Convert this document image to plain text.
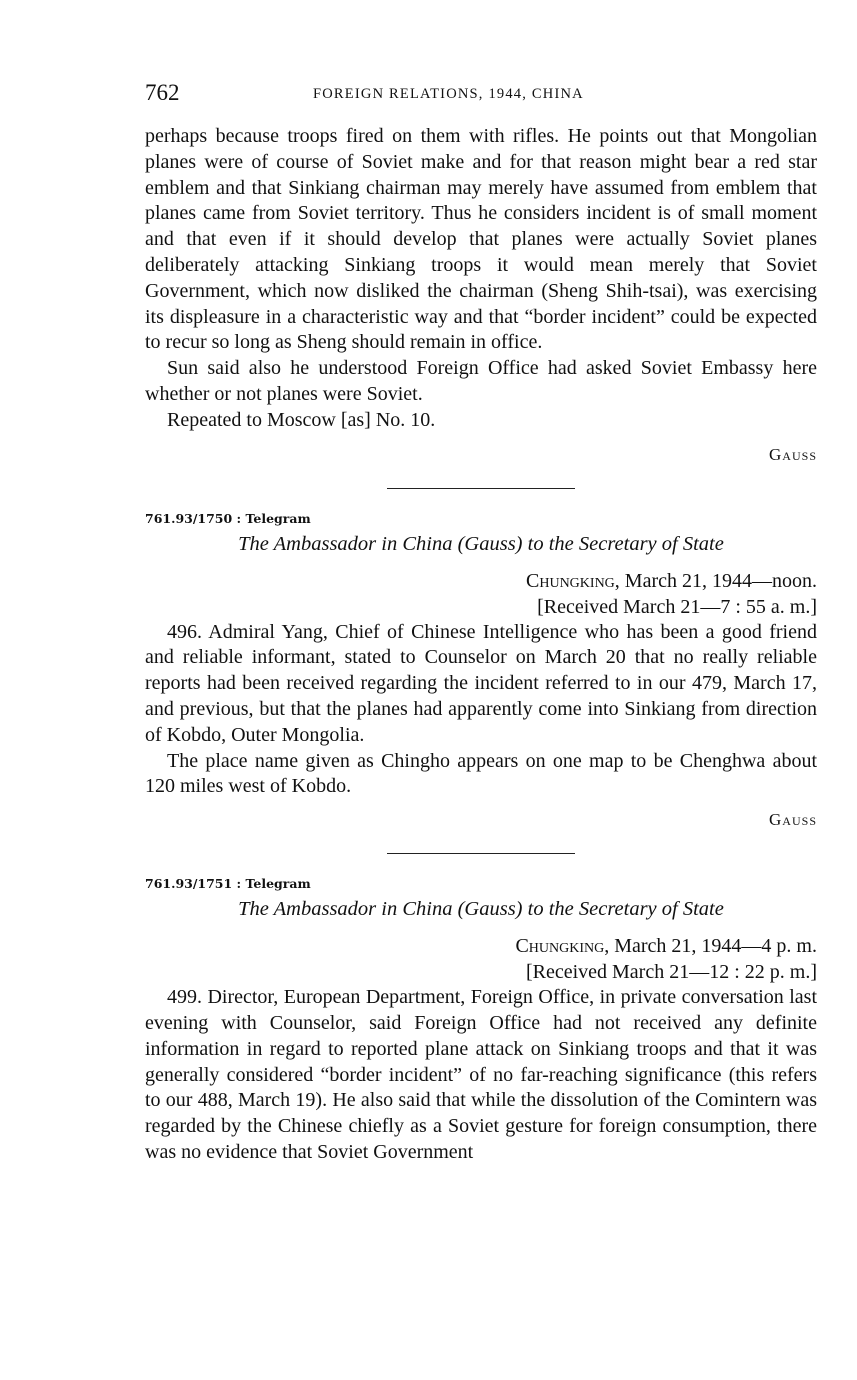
762	FOREIGN RELATIONS, 1944, CHINA

perhaps because troops fired on them with rifles. He points out that Mongolian planes were of course of Soviet make and for that reason might bear a red star emblem and that Sinkiang chairman may merely have assumed from emblem that planes came from Soviet territory. Thus he considers incident is of small moment and that even if it should develop that planes were actually Soviet planes deliberately attacking Sinkiang troops it would mean merely that Soviet Government, which now disliked the chairman (Sheng Shih-tsai), was exercising its displeasure in a characteristic way and that “border incident” could be expected to recur so long as Sheng should remain in office.

Sun said also he understood Foreign Office had asked Soviet Embassy here whether or not planes were Soviet.

Repeated to Moscow [as] No. 10.

Gauss
761.93/1750 : Telegram
The Ambassador in China (Gauss) to the Secretary of State
Chungking, March 21, 1944—noon.
[Received March 21—7 : 55 a. m.]

496. Admiral Yang, Chief of Chinese Intelligence who has been a good friend and reliable informant, stated to Counselor on March 20 that no really reliable reports had been received regarding the incident referred to in our 479, March 17, and previous, but that the planes had apparently come into Sinkiang from direction of Kobdo, Outer Mongolia.

The place name given as Chingho appears on one map to be Chenghwa about 120 miles west of Kobdo.

Gauss
761.93/1751 : Telegram
The Ambassador in China (Gauss) to the Secretary of State
Chungking, March 21, 1944—4 p. m.
[Received March 21—12 : 22 p. m.]

499. Director, European Department, Foreign Office, in private conversation last evening with Counselor, said Foreign Office had not received any definite information in regard to reported plane attack on Sinkiang troops and that it was generally considered “border incident” of no far-reaching significance (this refers to our 488, March 19). He also said that while the dissolution of the Comintern was regarded by the Chinese chiefly as a Soviet gesture for foreign consumption, there was no evidence that Soviet Government
